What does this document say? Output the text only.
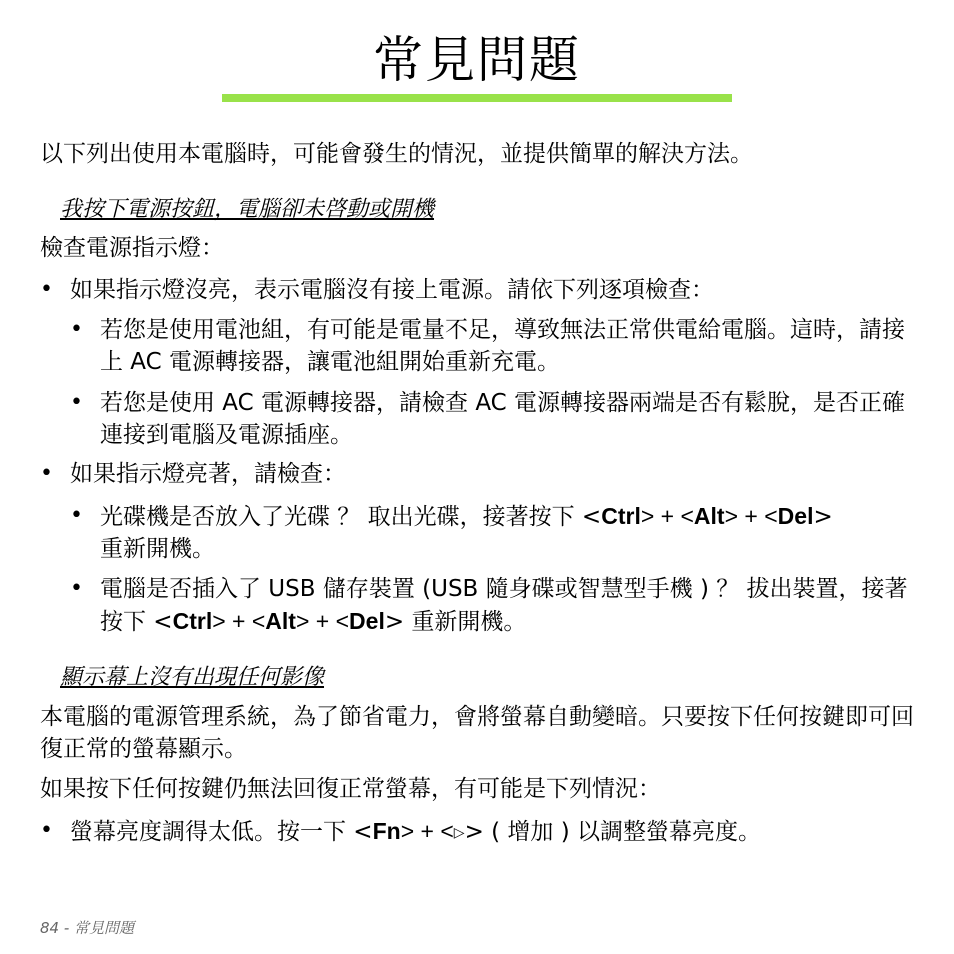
常見問題
以下列出使用本電腦時，可能會發生的情況，並提供簡單的解決方法。
我按下電源按鈕，電腦卻未啓動或開機
檢查電源指示燈：
• 如果指示燈沒亮，表示電腦沒有接上電源。請依下列逐項檢查：
• 若您是使用電池組，有可能是電量不足，導致無法正常供電給電腦。這時，請接上 AC 電源轉接器，讓電池組開始重新充電。
• 若您是使用 AC 電源轉接器，請檢查 AC 電源轉接器兩端是否有鬆脫，是否正確連接到電腦及電源插座。
• 如果指示燈亮著，請檢查：
• 光碟機是否放入了光碟 ？ 取出光碟，接著按下 <Ctrl> + <Alt> + <Del>
重新開機。
• 電腦是否插入了 USB 儲存裝置 (USB 隨身碟或智慧型手機 ) ？ 拔出裝置，接著按下 <Ctrl> + <Alt> + <Del> 重新開機。
顯示幕上沒有出現任何影像
本電腦的電源管理系統，為了節省電力，會將螢幕自動變暗。只要按下任何按鍵即可回復正常的螢幕顯示。
如果按下任何按鍵仍無法回復正常螢幕，有可能是下列情況：
• 螢幕亮度調得太低。按一下 <Fn> + <▷> ( 增加 ) 以調整螢幕亮度。
84 - 常見問題
